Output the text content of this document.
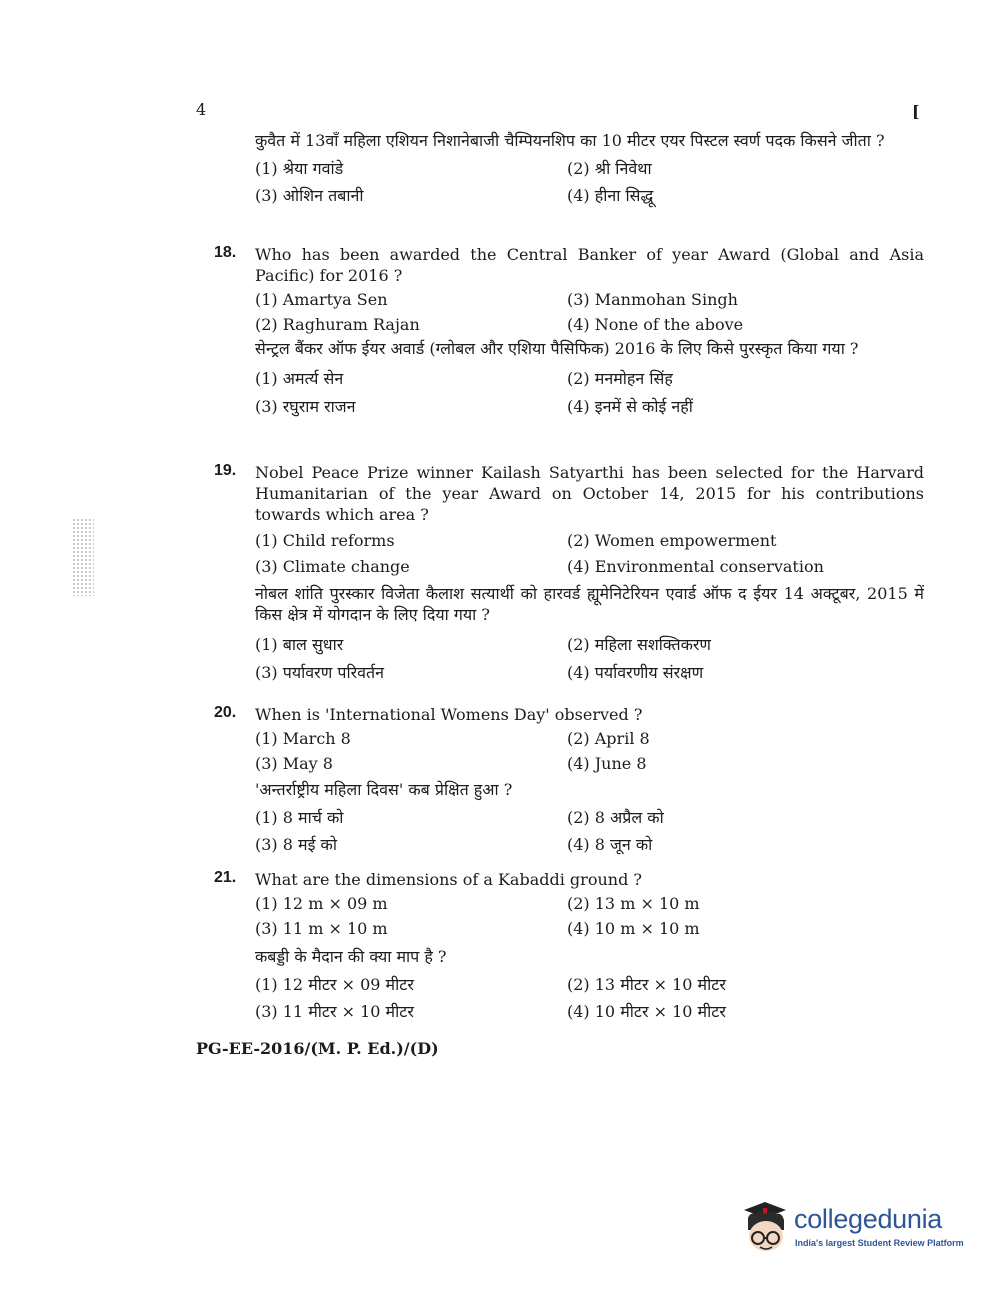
4	[
कुवैत में 13वाँ महिला एशियन निशानेबाजी चैम्पियनशिप का 10 मीटर एयर पिस्टल स्वर्ण पदक किसने जीता ?
(1) श्रेया गवांडे	(2) श्री निवेथा
(3) ओशिन तबानी	(4) हीना सिद्धू
18. Who has been awarded the Central Banker of year Award (Global and Asia Pacific) for 2016 ?
(1) Amartya Sen	(3) Manmohan Singh
(2) Raghuram Rajan	(4) None of the above
सेन्ट्रल बैंकर ऑफ ईयर अवार्ड (ग्लोबल और एशिया पैसिफिक) 2016 के लिए किसे पुरस्कृत किया गया ?
(1) अमर्त्य सेन	(2) मनमोहन सिंह
(3) रघुराम राजन	(4) इनमें से कोई नहीं
19. Nobel Peace Prize winner Kailash Satyarthi has been selected for the Harvard Humanitarian of the year Award on October 14, 2015 for his contributions towards which area ?
(1) Child reforms	(2) Women empowerment
(3) Climate change	(4) Environmental conservation
नोबल शांति पुरस्कार विजेता कैलाश सत्यार्थी को हारवर्ड ह्यूमेनिटेरियन एवार्ड ऑफ द ईयर 14 अक्टूबर, 2015 में किस क्षेत्र में योगदान के लिए दिया गया ?
(1) बाल सुधार	(2) महिला सशक्तिकरण
(3) पर्यावरण परिवर्तन	(4) पर्यावरणीय संरक्षण
20. When is 'International Womens Day' observed ?
(1) March 8	(2) April 8
(3) May 8	(4) June 8
'अन्तर्राष्ट्रीय महिला दिवस' कब प्रेक्षित हुआ ?
(1) 8 मार्च को	(2) 8 अप्रैल को
(3) 8 मई को	(4) 8 जून को
21. What are the dimensions of a Kabaddi ground ?
(1) 12 m × 09 m	(2) 13 m × 10 m
(3) 11 m × 10 m	(4) 10 m × 10 m
कबड्डी के मैदान की क्या माप है ?
(1) 12 मीटर × 09 मीटर	(2) 13 मीटर × 10 मीटर
(3) 11 मीटर × 10 मीटर	(4) 10 मीटर × 10 मीटर
PG-EE-2016/(M. P. Ed.)/(D)
collegedunia
India's largest Student Review Platform
